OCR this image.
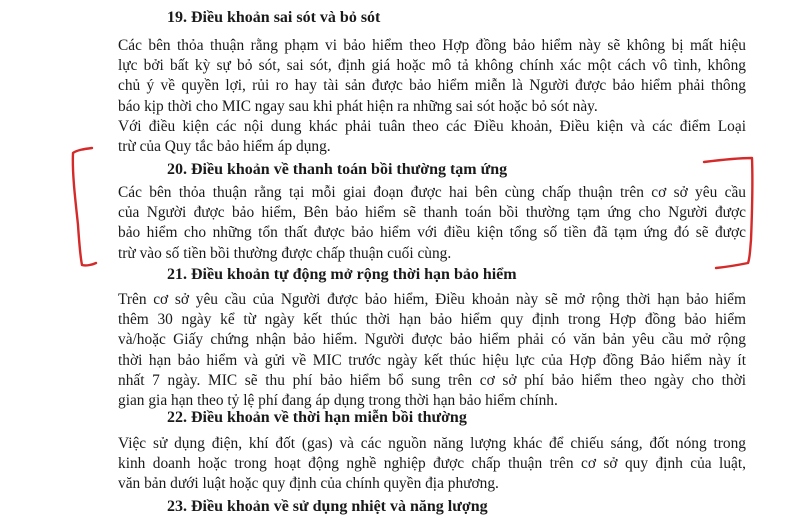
19. Điều khoản sai sót và bỏ sót
Các bên thỏa thuận rằng phạm vi bảo hiểm theo Hợp đồng bảo hiểm này sẽ không bị mất hiệu
lực bởi bất kỳ sự bỏ sót, sai sót, định giá hoặc mô tả không chính xác một cách vô tình, không
chủ ý về quyền lợi, rủi ro hay tài sản được bảo hiểm miễn là Người được bảo hiểm phải thông
báo kịp thời cho MIC ngay sau khi phát hiện ra những sai sót hoặc bỏ sót này.
Với điều kiện các nội dung khác phải tuân theo các Điều khoản, Điều kiện và các điểm Loại
trừ của Quy tắc bảo hiểm áp dụng.
20. Điều khoản về thanh toán bồi thường tạm ứng
Các bên thỏa thuận rằng tại mỗi giai đoạn được hai bên cùng chấp thuận trên cơ sở yêu cầu
của Người được bảo hiểm, Bên bảo hiểm sẽ thanh toán bồi thường tạm ứng cho Người được
bảo hiểm cho những tổn thất được bảo hiểm với điều kiện tổng số tiền đã tạm ứng đó sẽ được
trừ vào số tiền bồi thường được chấp thuận cuối cùng.
21. Điều khoản tự động mở rộng thời hạn bảo hiểm
Trên cơ sở yêu cầu của Người được bảo hiểm, Điều khoản này sẽ mở rộng thời hạn bảo hiểm
thêm 30 ngày kể từ ngày kết thúc thời hạn bảo hiểm quy định trong Hợp đồng bảo hiểm
và/hoặc Giấy chứng nhận bảo hiểm. Người được bảo hiểm phải có văn bản yêu cầu mở rộng
thời hạn bảo hiểm và gửi về MIC trước ngày kết thúc hiệu lực của Hợp đồng Bảo hiểm này ít
nhất 7 ngày. MIC sẽ thu phí bảo hiểm bổ sung trên cơ sở phí bảo hiểm theo ngày cho thời
gian gia hạn theo tỷ lệ phí đang áp dụng trong thời hạn bảo hiểm chính.
22. Điều khoản về thời hạn miễn bồi thường
Việc sử dụng điện, khí đốt (gas) và các nguồn năng lượng khác để chiếu sáng, đốt nóng trong
kinh doanh hoặc trong hoạt động nghề nghiệp được chấp thuận trên cơ sở quy định của luật,
văn bản dưới luật hoặc quy định của chính quyền địa phương.
23. Điều khoản về sử dụng nhiệt và năng lượng
